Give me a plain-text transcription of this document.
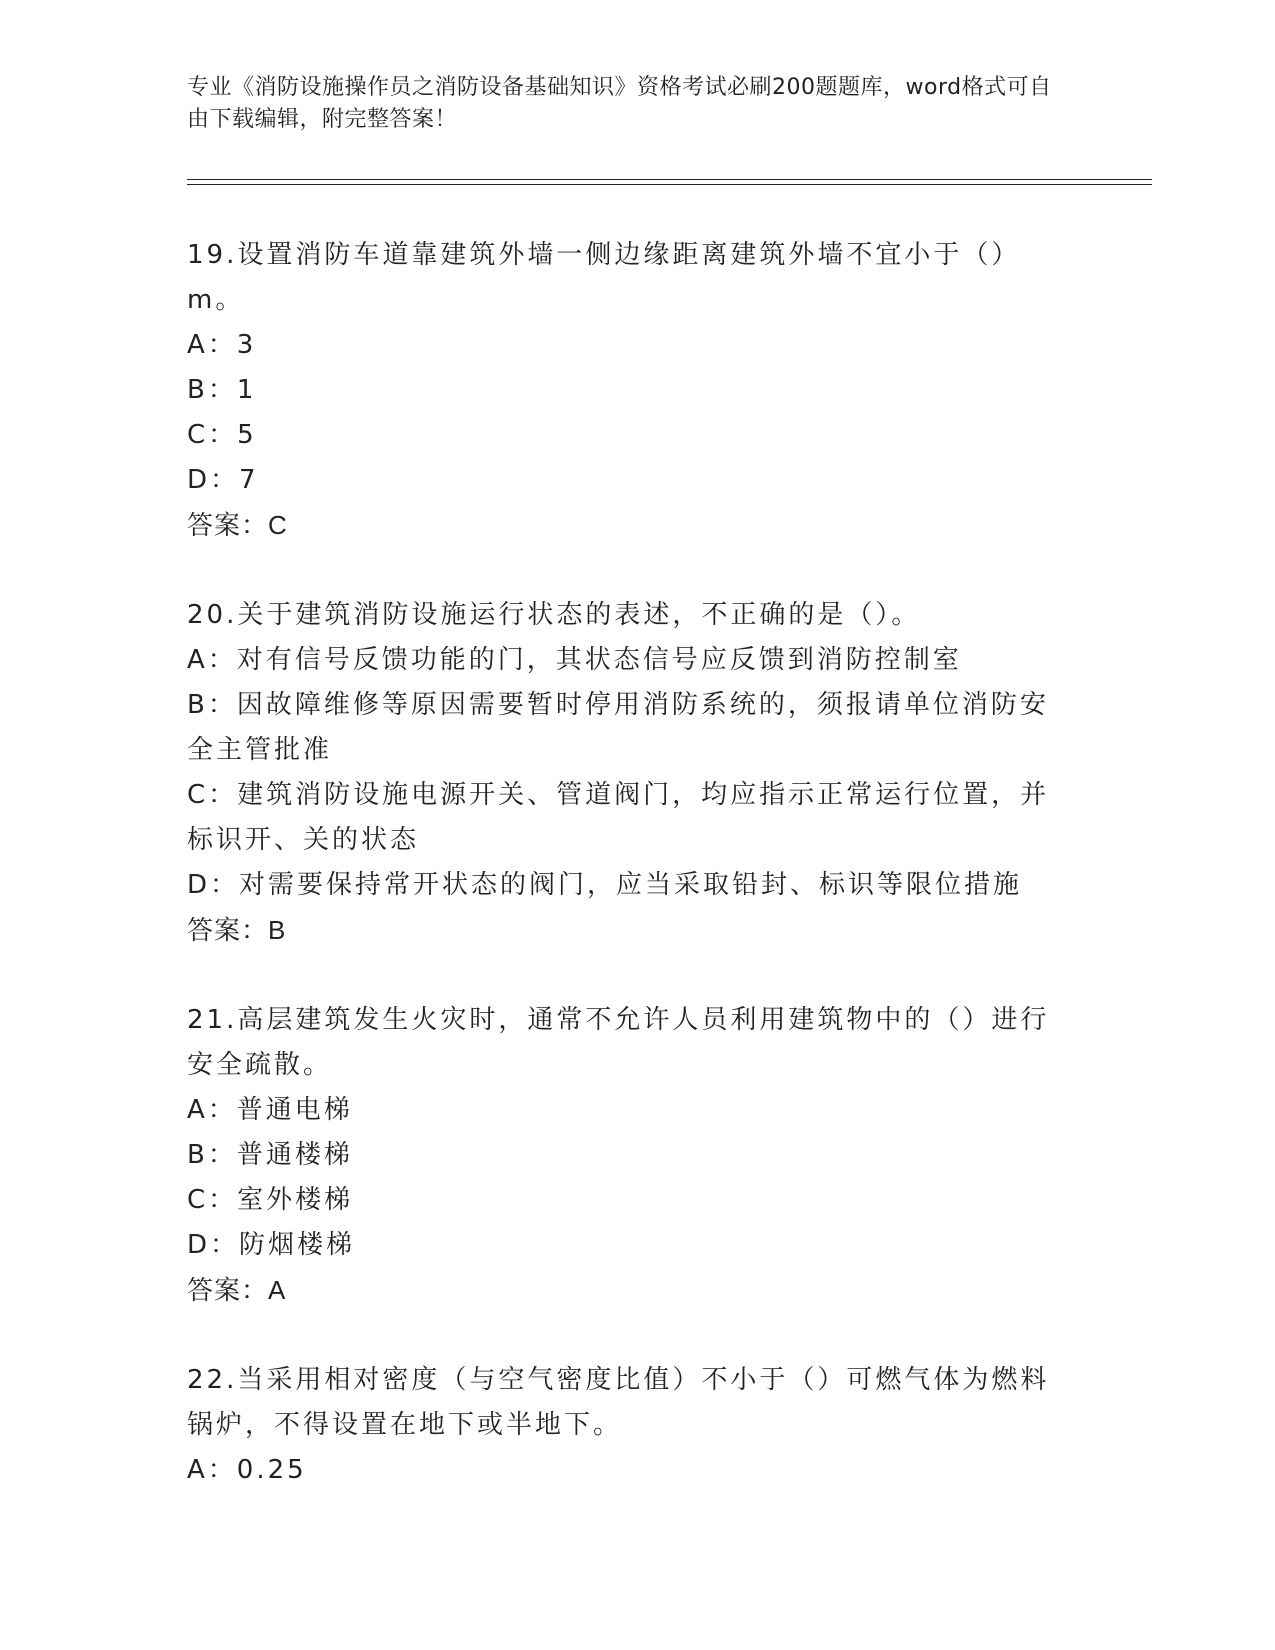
专业《消防设施操作员之消防设备基础知识》资格考试必刷200题题库，word格式可自由下载编辑，附完整答案！
19.设置消防车道靠建筑外墙一侧边缘距离建筑外墙不宜小于（）m。
A：3
B：1
C：5
D：7
答案：C
20.关于建筑消防设施运行状态的表述，不正确的是（）。
A：对有信号反馈功能的门，其状态信号应反馈到消防控制室
B：因故障维修等原因需要暂时停用消防系统的，须报请单位消防安全主管批准
C：建筑消防设施电源开关、管道阀门，均应指示正常运行位置，并标识开、关的状态
D：对需要保持常开状态的阀门，应当采取铅封、标识等限位措施
答案：B
21.高层建筑发生火灾时，通常不允许人员利用建筑物中的（）进行安全疏散。
A：普通电梯
B：普通楼梯
C：室外楼梯
D：防烟楼梯
答案：A
22.当采用相对密度（与空气密度比值）不小于（）可燃气体为燃料锅炉，不得设置在地下或半地下。
A：0.25
